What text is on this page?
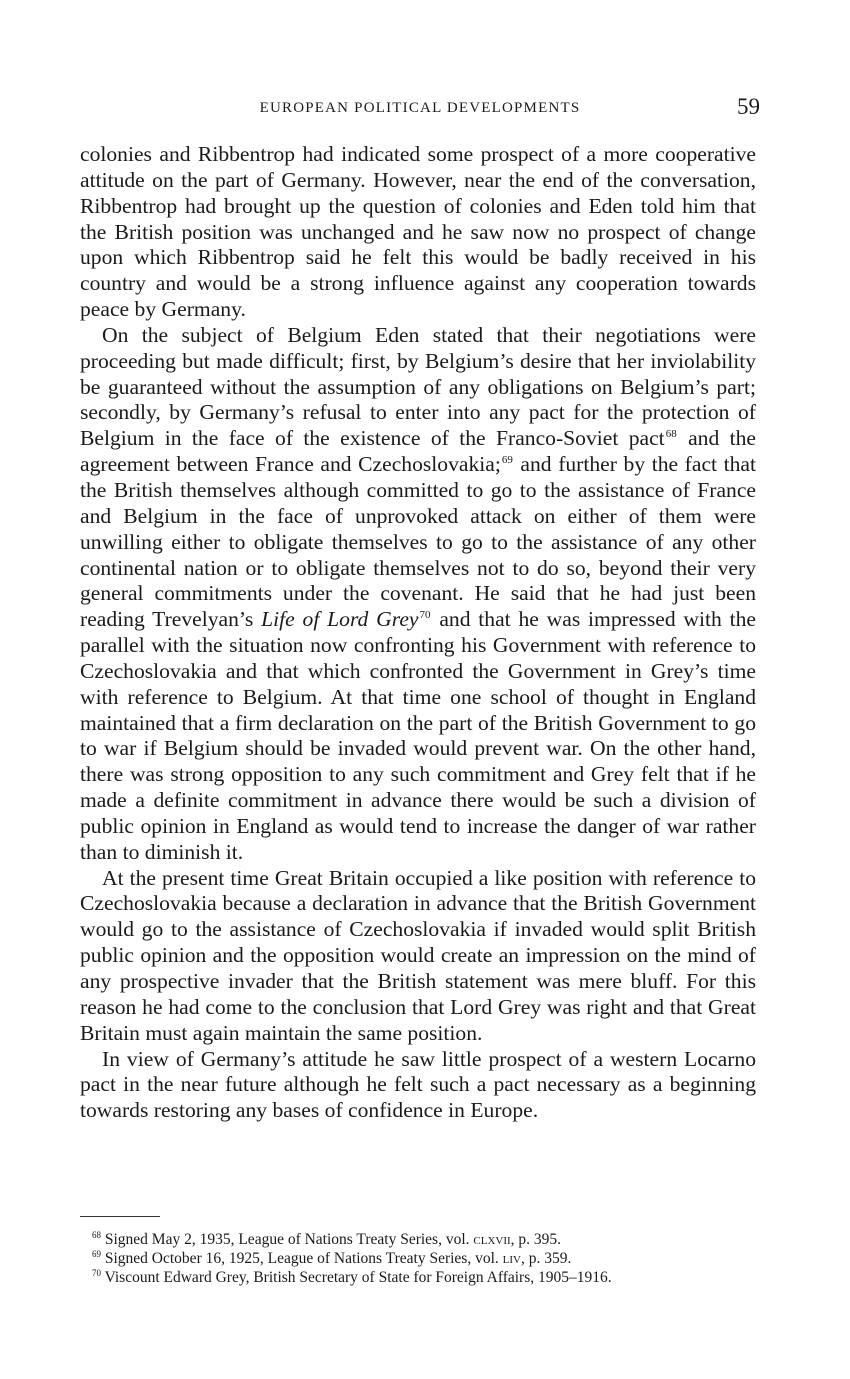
EUROPEAN POLITICAL DEVELOPMENTS	59

colonies and Ribbentrop had indicated some prospect of a more cooperative attitude on the part of Germany. However, near the end of the conversation, Ribbentrop had brought up the question of colonies and Eden told him that the British position was unchanged and he saw now no prospect of change upon which Ribbentrop said he felt this would be badly received in his country and would be a strong influence against any cooperation towards peace by Germany.

On the subject of Belgium Eden stated that their negotiations were proceeding but made difficult; first, by Belgium’s desire that her inviolability be guaranteed without the assumption of any obligations on Belgium’s part; secondly, by Germany’s refusal to enter into any pact for the protection of Belgium in the face of the existence of the Franco-Soviet pact$^{68}$ and the agreement between France and Czechoslovakia;$^{69}$ and further by the fact that the British themselves although committed to go to the assistance of France and Belgium in the face of unprovoked attack on either of them were unwilling either to obligate themselves to go to the assistance of any other continental nation or to obligate themselves not to do so, beyond their very general commitments under the covenant. He said that he had just been reading Trevelyan’s Life of Lord Grey$^{70}$ and that he was impressed with the parallel with the situation now confronting his Government with reference to Czechoslovakia and that which confronted the Government in Grey’s time with reference to Belgium. At that time one school of thought in England maintained that a firm declaration on the part of the British Government to go to war if Belgium should be invaded would prevent war. On the other hand, there was strong opposition to any such commitment and Grey felt that if he made a definite commitment in advance there would be such a division of public opinion in England as would tend to increase the danger of war rather than to diminish it.

At the present time Great Britain occupied a like position with reference to Czechoslovakia because a declaration in advance that the British Government would go to the assistance of Czechoslovakia if invaded would split British public opinion and the opposition would create an impression on the mind of any prospective invader that the British statement was mere bluff. For this reason he had come to the conclusion that Lord Grey was right and that Great Britain must again maintain the same position.

In view of Germany’s attitude he saw little prospect of a western Locarno pact in the near future although he felt such a pact necessary as a beginning towards restoring any bases of confidence in Europe.

$^{68}$ Signed May 2, 1935, League of Nations Treaty Series, vol. clxvii, p. 395.

$^{69}$ Signed October 16, 1925, League of Nations Treaty Series, vol. liv, p. 359.

$^{70}$ Viscount Edward Grey, British Secretary of State for Foreign Affairs, 1905–1916.
